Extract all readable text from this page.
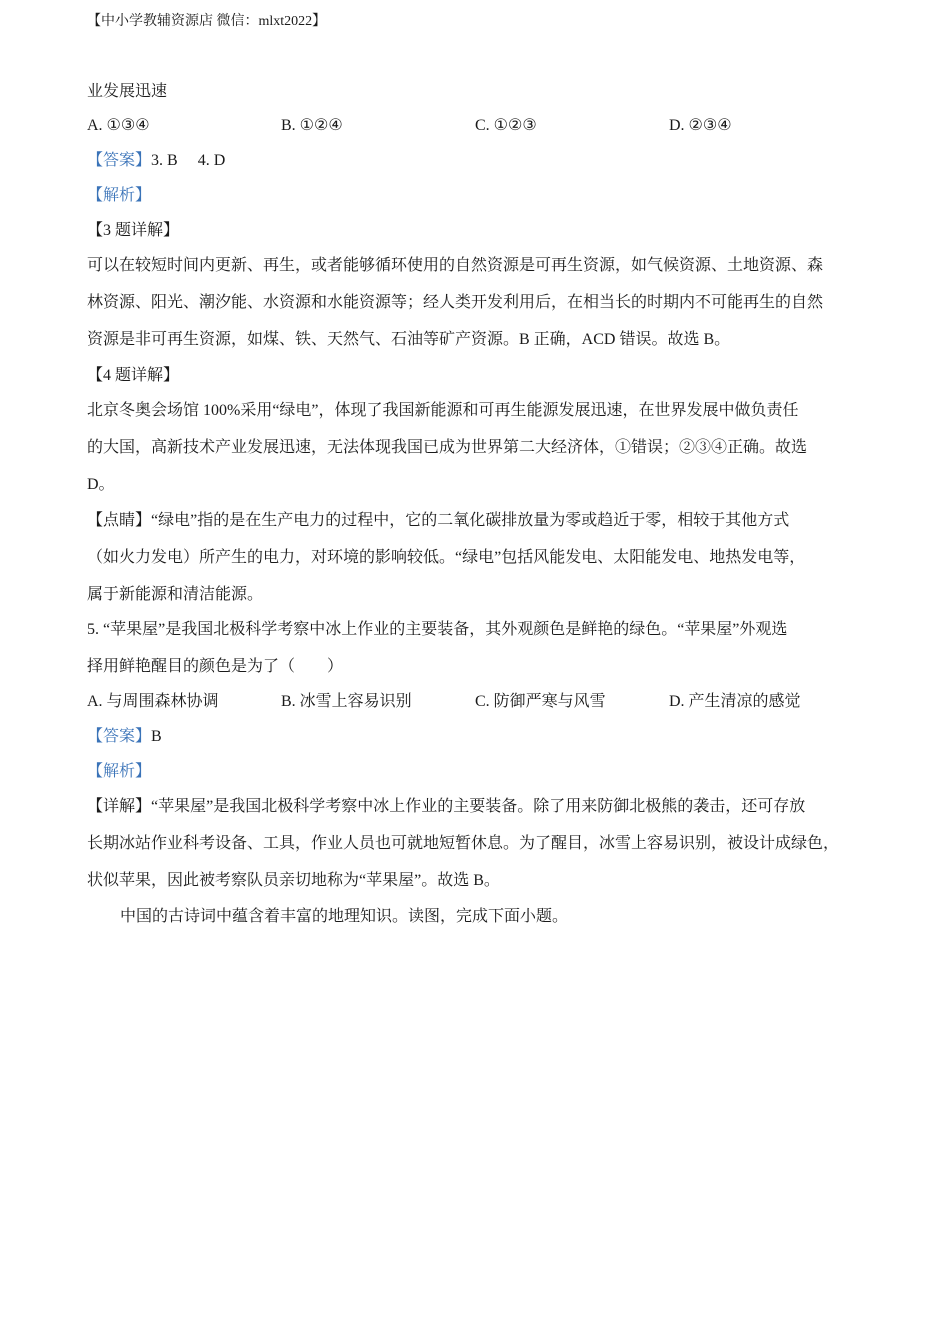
【中小学教辅资源店 微信：mlxt2022】
业发展迅速
A. ①③④	B. ①②④	C. ①②③	D. ②③④
【答案】3. B     4. D
【解析】
【3 题详解】
可以在较短时间内更新、再生，或者能够循环使用的自然资源是可再生资源，如气候资源、土地资源、森
林资源、阳光、潮汐能、水资源和水能资源等；经人类开发利用后，在相当长的时期内不可能再生的自然
资源是非可再生资源，如煤、铁、天然气、石油等矿产资源。B 正确，ACD 错误。故选 B。
【4 题详解】
北京冬奥会场馆 100%采用“绿电”，体现了我国新能源和可再生能源发展迅速，在世界发展中做负责任
的大国，高新技术产业发展迅速，无法体现我国已成为世界第二大经济体，①错误；②③④正确。故选
D。
【点睛】“绿电”指的是在生产电力的过程中，它的二氧化碳排放量为零或趋近于零，相较于其他方式
（如火力发电）所产生的电力，对环境的影响较低。“绿电”包括风能发电、太阳能发电、地热发电等，
属于新能源和清洁能源。
5. “苹果屋”是我国北极科学考察中冰上作业的主要装备，其外观颜色是鲜艳的绿色。“苹果屋”外观选
择用鲜艳醒目的颜色是为了（　　）
A. 与周围森林协调	B. 冰雪上容易识别	C. 防御严寒与风雪	D. 产生清凉的感觉
【答案】B
【解析】
【详解】“苹果屋”是我国北极科学考察中冰上作业的主要装备。除了用来防御北极熊的袭击，还可存放
长期冰站作业科考设备、工具，作业人员也可就地短暂休息。为了醒目，冰雪上容易识别，被设计成绿色，
状似苹果，因此被考察队员亲切地称为“苹果屋”。故选 B。
中国的古诗词中蕴含着丰富的地理知识。读图，完成下面小题。
